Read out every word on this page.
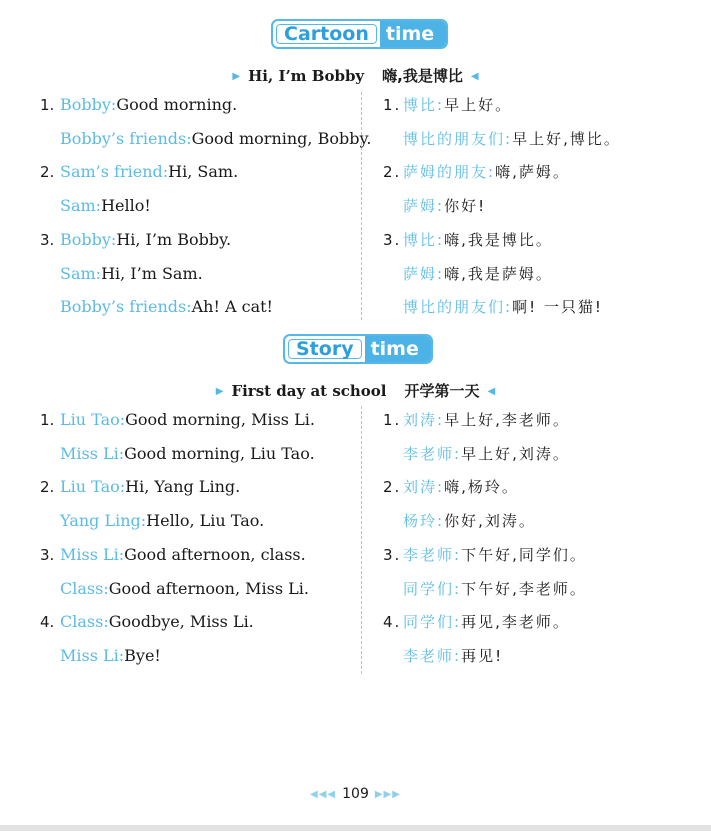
Cartoon time
▶ Hi, I’m Bobby 嗨,我是博比 ◀
1. Bobby:Good morning.
Bobby’s friends:Good morning, Bobby.
2. Sam’s friend:Hi, Sam.
Sam:Hello!
3. Bobby:Hi, I’m Bobby.
Sam:Hi, I’m Sam.
Bobby’s friends:Ah! A cat!
1. 博比:早上好。
博比的朋友们:早上好,博比。
2. 萨姆的朋友:嗨,萨姆。
萨姆:你好!
3. 博比:嗨,我是博比。
萨姆:嗨,我是萨姆。
博比的朋友们:啊! 一只猫!
Story time
▶ First day at school 开学第一天 ◀
1. Liu Tao:Good morning, Miss Li.
Miss Li:Good morning, Liu Tao.
2. Liu Tao:Hi, Yang Ling.
Yang Ling:Hello, Liu Tao.
3. Miss Li:Good afternoon, class.
Class:Good afternoon, Miss Li.
4. Class:Goodbye, Miss Li.
Miss Li:Bye!
1. 刘涛:早上好,李老师。
李老师:早上好,刘涛。
2. 刘涛:嗨,杨玲。
杨玲:你好,刘涛。
3. 李老师:下午好,同学们。
同学们:下午好,李老师。
4. 同学们:再见,李老师。
李老师:再见!
◀◀◀ 109 ▶▶▶
